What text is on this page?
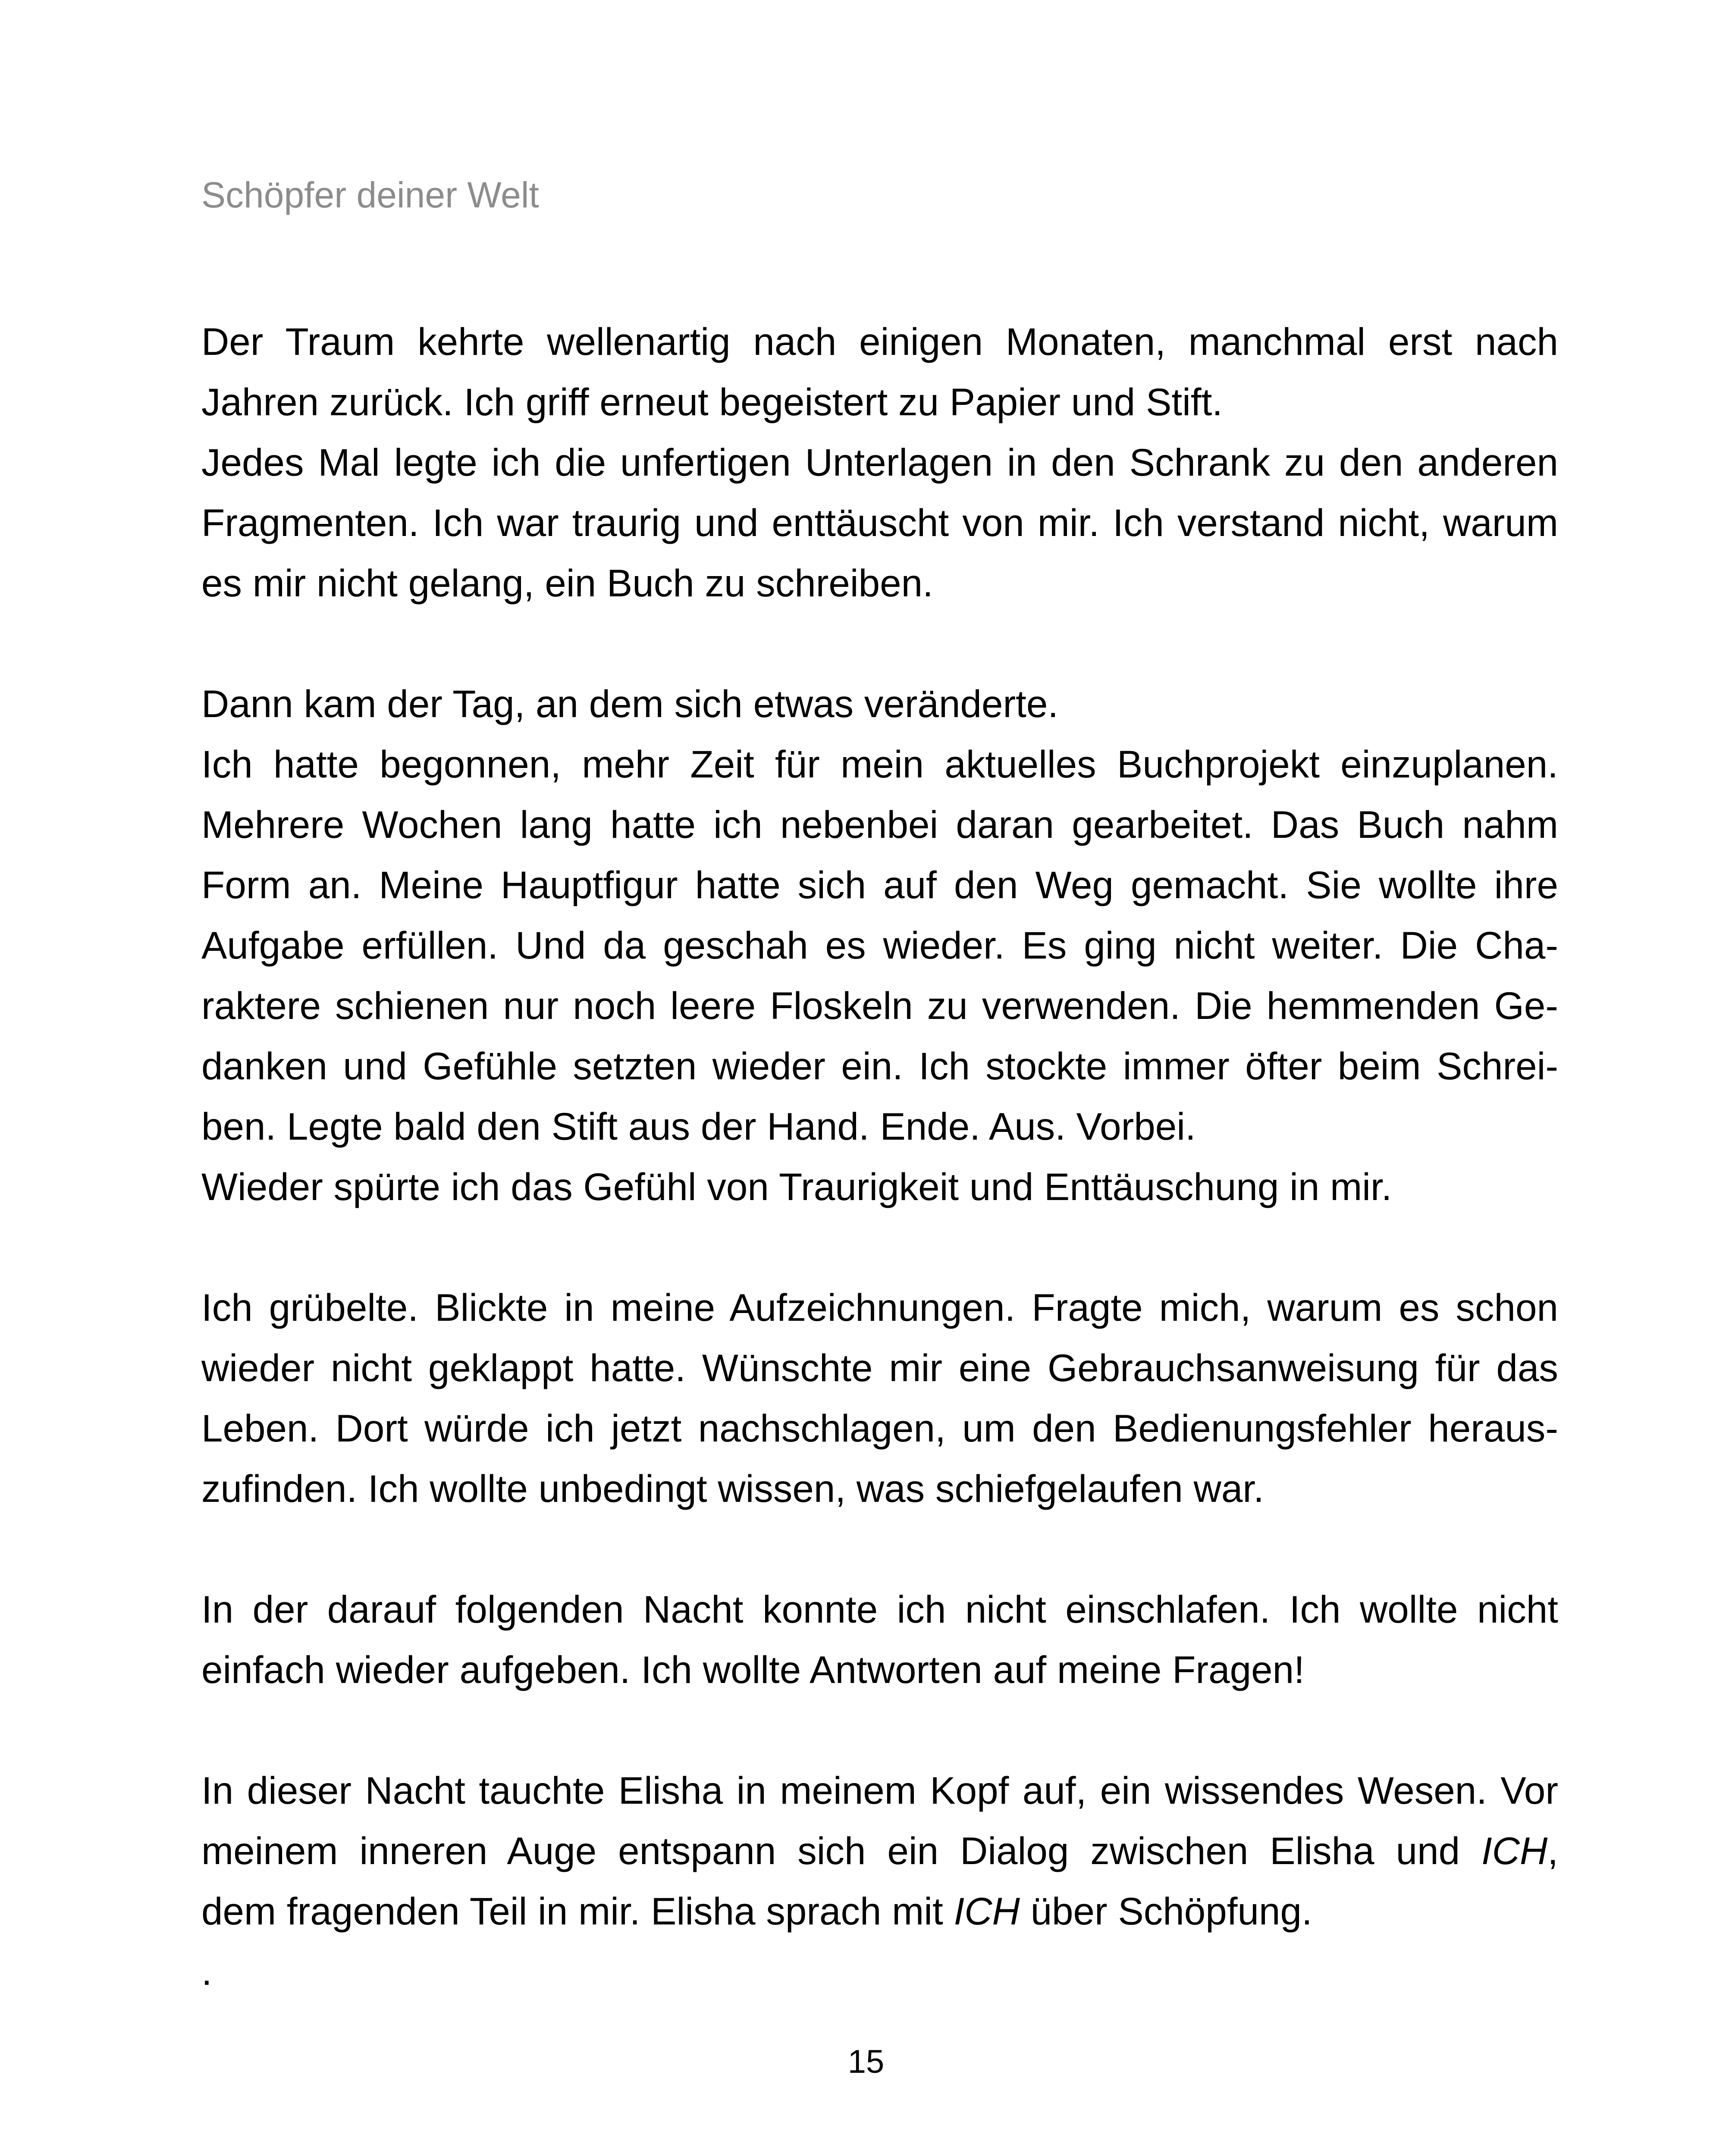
Schöpfer deiner Welt
Der Traum kehrte wellenartig nach einigen Monaten, manchmal erst nach
Jahren zurück. Ich griff erneut begeistert zu Papier und Stift.
Jedes Mal legte ich die unfertigen Unterlagen in den Schrank zu den anderen
Fragmenten. Ich war traurig und enttäuscht von mir. Ich verstand nicht, warum
es mir nicht gelang, ein Buch zu schreiben.
Dann kam der Tag, an dem sich etwas veränderte.
Ich hatte begonnen, mehr Zeit für mein aktuelles Buchprojekt einzuplanen.
Mehrere Wochen lang hatte ich nebenbei daran gearbeitet. Das Buch nahm
Form an. Meine Hauptfigur hatte sich auf den Weg gemacht. Sie wollte ihre
Aufgabe erfüllen. Und da geschah es wieder. Es ging nicht weiter. Die Cha-
raktere schienen nur noch leere Floskeln zu verwenden. Die hemmenden Ge-
danken und Gefühle setzten wieder ein. Ich stockte immer öfter beim Schrei-
ben. Legte bald den Stift aus der Hand. Ende. Aus. Vorbei.
Wieder spürte ich das Gefühl von Traurigkeit und Enttäuschung in mir.
Ich grübelte. Blickte in meine Aufzeichnungen. Fragte mich, warum es schon
wieder nicht geklappt hatte. Wünschte mir eine Gebrauchsanweisung für das
Leben. Dort würde ich jetzt nachschlagen, um den Bedienungsfehler heraus-
zufinden. Ich wollte unbedingt wissen, was schiefgelaufen war.
In der darauf folgenden Nacht konnte ich nicht einschlafen. Ich wollte nicht
einfach wieder aufgeben. Ich wollte Antworten auf meine Fragen!
In dieser Nacht tauchte Elisha in meinem Kopf auf, ein wissendes Wesen. Vor
meinem inneren Auge entspann sich ein Dialog zwischen Elisha und ICH,
dem fragenden Teil in mir. Elisha sprach mit ICH über Schöpfung.
.
15
